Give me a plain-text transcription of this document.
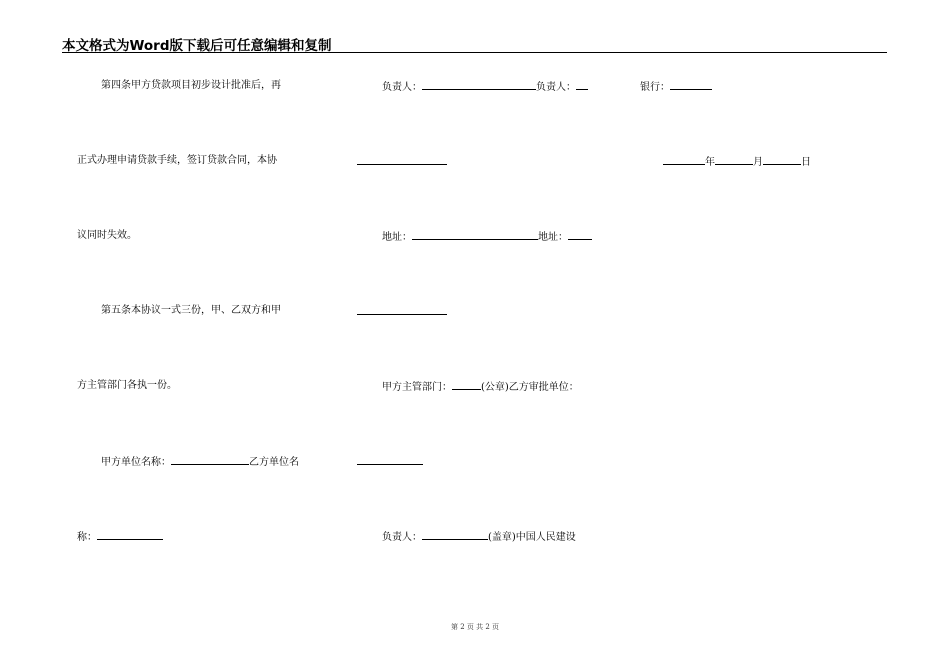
本文格式为Word版下载后可任意编辑和复制
第四条甲方贷款项目初步设计批准后，再
正式办理申请贷款手续，签订贷款合同，本协
议同时失效。
第五条本协议一式三份，甲、乙双方和甲
方主管部门各执一份。
甲方单位名称：	乙方单位名
称：
负责人：	负责人：
地址：	地址：
甲方主管部门：	(公章)乙方审批单位：
负责人：	(盖章)中国人民建设
银行：
年	月	日
第 2 页 共 2 页
